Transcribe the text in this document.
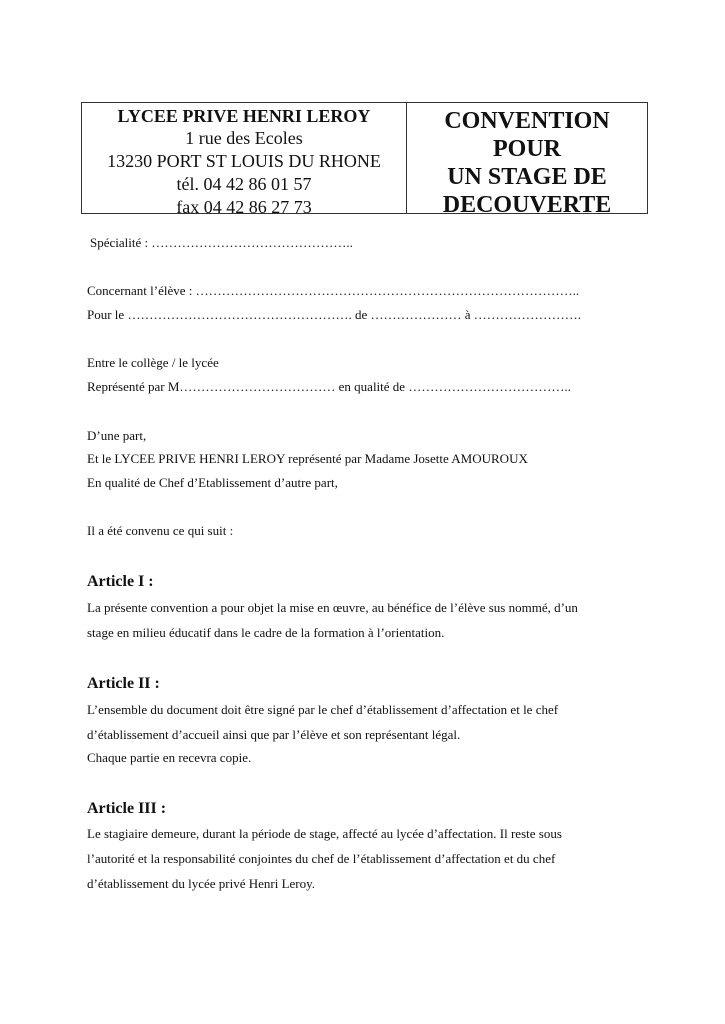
LYCEE PRIVE HENRI LEROY
1 rue des Ecoles
13230 PORT ST LOUIS DU RHONE
tél. 04 42 86 01 57
fax 04 42 86 27 73
CONVENTION
POUR
UN STAGE DE
DECOUVERTE
Spécialité : ………………………………………..
Concernant l’élève : ……………………………………………………………………………..
Pour le ……………………………………………. de ………………… à …………………….
Entre le collège / le lycée
Représenté par M……………………………… en qualité de ………………………………..
D’une part,
Et le LYCEE PRIVE HENRI LEROY représenté par Madame Josette AMOUROUX
En qualité de Chef d’Etablissement d’autre part,
Il a été convenu ce qui suit :
Article I :
La présente convention a pour objet la mise en œuvre, au bénéfice de l’élève sus nommé, d’un
stage en milieu éducatif dans le cadre de la formation à l’orientation.
Article II :
L’ensemble du document doit être signé par le chef d’établissement d’affectation et le chef
d’établissement d’accueil ainsi que par l’élève et son représentant légal.
Chaque partie en recevra copie.
Article III :
Le stagiaire demeure, durant la période de stage, affecté au lycée d’affectation. Il reste sous
l’autorité et la responsabilité conjointes du chef de l’établissement d’affectation et du chef
d’établissement du lycée privé Henri Leroy.
